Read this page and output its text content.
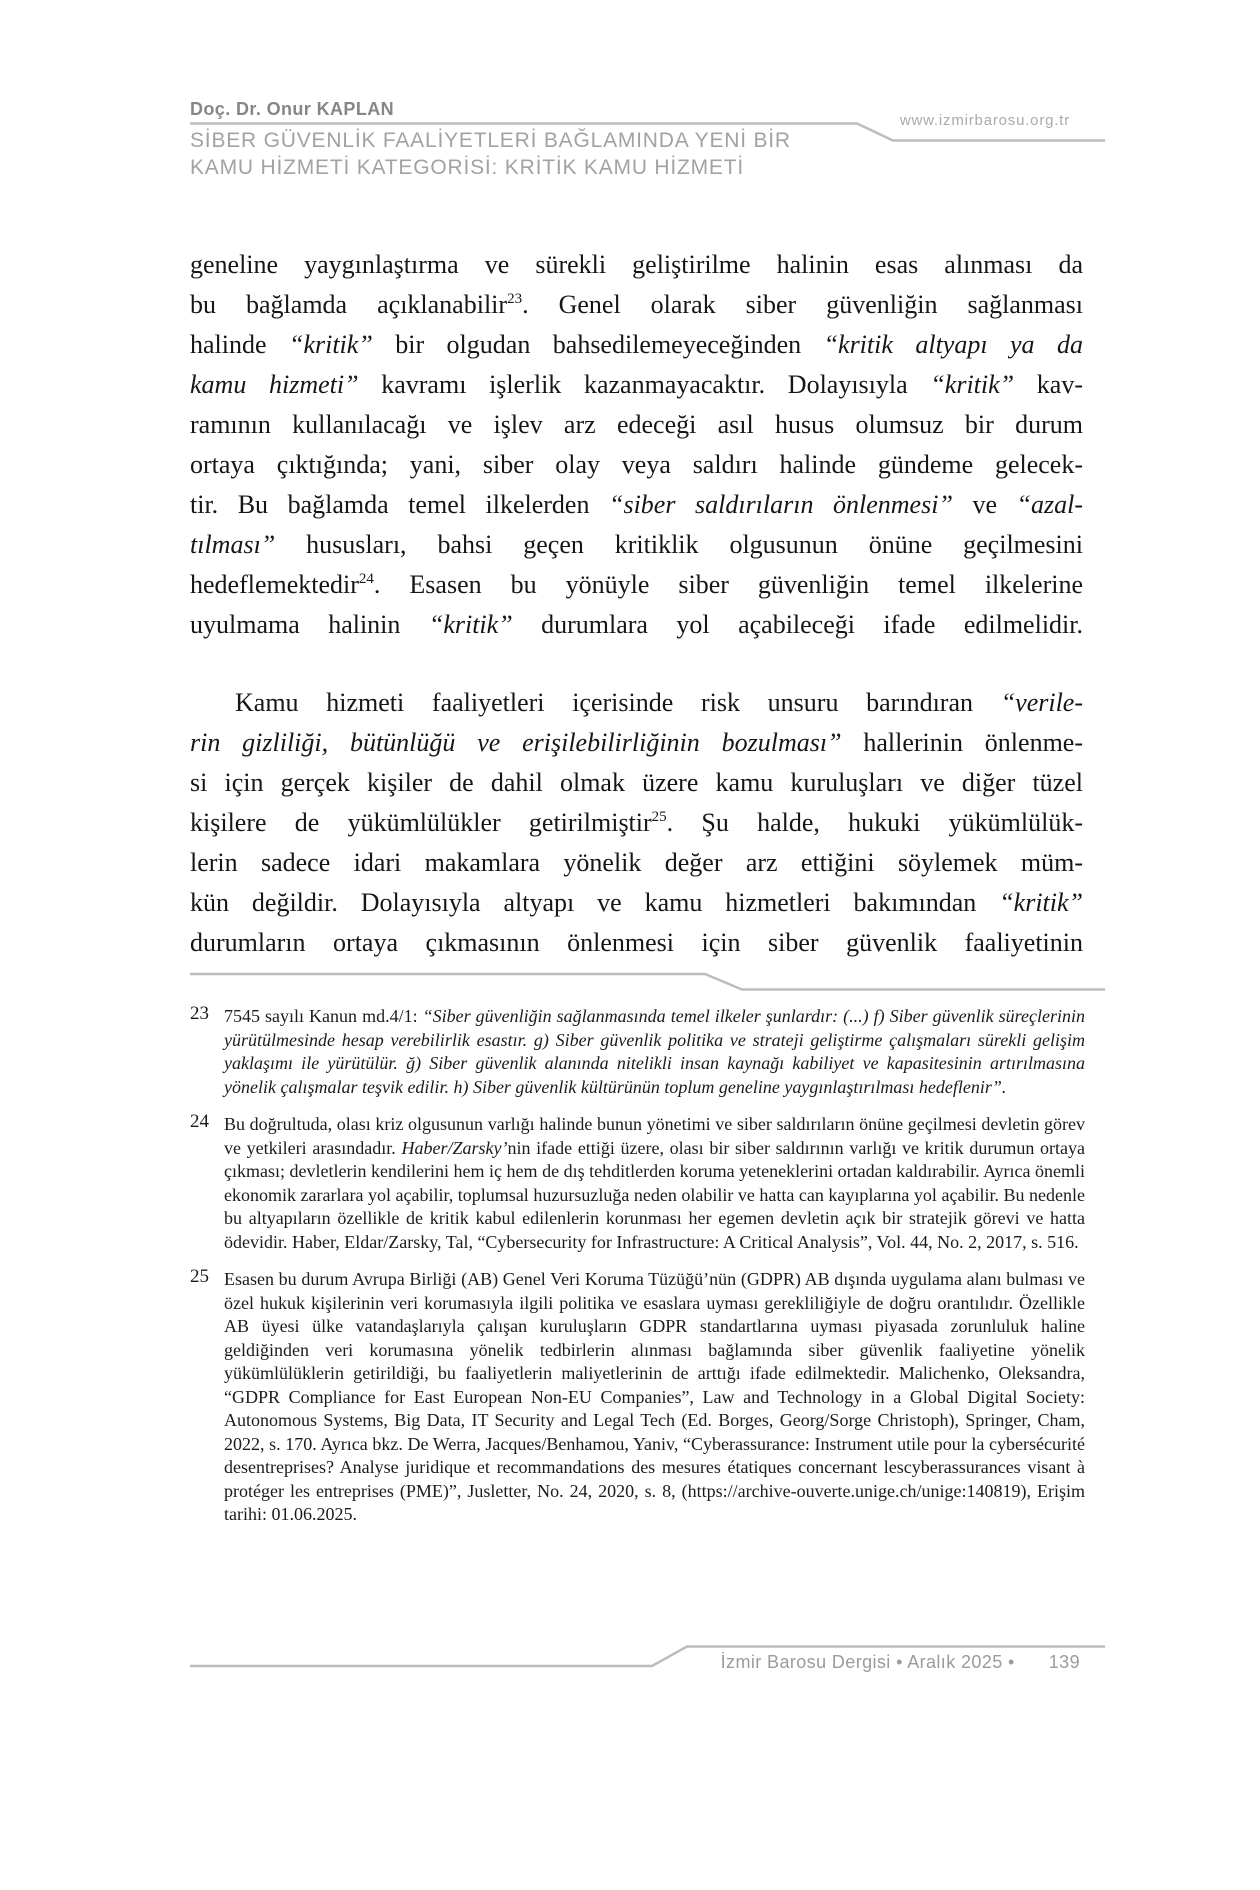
Doç. Dr. Onur KAPLAN
www.izmirbarosu.org.tr
SİBER GÜVENLİK FAALİYETLERİ BAĞLAMINDA YENİ BİR
KAMU HİZMETİ KATEGORİSİ: KRİTİK KAMU HİZMETİ
geneline yaygınlaştırma ve sürekli geliştirilme halinin esas alınması da
bu bağlamda açıklanabilir$^{23}$. Genel olarak siber güvenliğin sağlanması
halinde “kritik” bir olgudan bahsedilemeyeceğinden “kritik altyapı ya da
kamu hizmeti” kavramı işlerlik kazanmayacaktır. Dolayısıyla “kritik” kav-
ramının kullanılacağı ve işlev arz edeceği asıl husus olumsuz bir durum
ortaya çıktığında; yani, siber olay veya saldırı halinde gündeme gelecek-
tir. Bu bağlamda temel ilkelerden “siber saldırıların önlenmesi” ve “azal-
tılması” hususları, bahsi geçen kritiklik olgusunun önüne geçilmesini
hedeflemektedir$^{24}$. Esasen bu yönüyle siber güvenliğin temel ilkelerine
uyulmama halinin “kritik” durumlara yol açabileceği ifade edilmelidir.
Kamu hizmeti faaliyetleri içerisinde risk unsuru barındıran “verile-
rin gizliliği, bütünlüğü ve erişilebilirliğinin bozulması” hallerinin önlenme-
si için gerçek kişiler de dahil olmak üzere kamu kuruluşları ve diğer tüzel
kişilere de yükümlülükler getirilmiştir$^{25}$. Şu halde, hukuki yükümlülük-
lerin sadece idari makamlara yönelik değer arz ettiğini söylemek müm-
kün değildir. Dolayısıyla altyapı ve kamu hizmetleri bakımından “kritik”
durumların ortaya çıkmasının önlenmesi için siber güvenlik faaliyetinin
23 7545 sayılı Kanun md.4/1: “Siber güvenliğin sağlanmasında temel ilkeler şunlardır: (...) f) Siber güvenlik süreçlerinin yürütülmesinde hesap verebilirlik esastır. g) Siber güvenlik politika ve strateji geliştirme çalışmaları sürekli gelişim yaklaşımı ile yürütülür. ğ) Siber güvenlik alanında nitelikli insan kaynağı kabiliyet ve kapasitesinin artırılmasına yönelik çalışmalar teşvik edilir. h) Siber güvenlik kültürünün toplum geneline yaygınlaştırılması hedeflenir”.
24 Bu doğrultuda, olası kriz olgusunun varlığı halinde bunun yönetimi ve siber saldırıların önüne geçilmesi devletin görev ve yetkileri arasındadır. Haber/Zarsky’nin ifade ettiği üzere, olası bir siber saldırının varlığı ve kritik durumun ortaya çıkması; devletlerin kendilerini hem iç hem de dış tehditlerden koruma yeteneklerini ortadan kaldırabilir. Ayrıca önemli ekonomik zararlara yol açabilir, toplumsal huzursuzluğa neden olabilir ve hatta can kayıplarına yol açabilir. Bu nedenle bu altyapıların özellikle de kritik kabul edilenlerin korunması her egemen devletin açık bir stratejik görevi ve hatta ödevidir. Haber, Eldar/Zarsky, Tal, “Cybersecurity for Infrastructure: A Critical Analysis”, Vol. 44, No. 2, 2017, s. 516.
25 Esasen bu durum Avrupa Birliği (AB) Genel Veri Koruma Tüzüğü’nün (GDPR) AB dışında uygulama alanı bulması ve özel hukuk kişilerinin veri korumasıyla ilgili politika ve esaslara uyması gerekliliğiyle de doğru orantılıdır. Özellikle AB üyesi ülke vatandaşlarıyla çalışan kuruluşların GDPR standartlarına uyması piyasada zorunluluk haline geldiğinden veri korumasına yönelik tedbirlerin alınması bağlamında siber güvenlik faaliyetine yönelik yükümlülüklerin getirildiği, bu faaliyetlerin maliyetlerinin de arttığı ifade edilmektedir. Malichenko, Oleksandra, “GDPR Compliance for East European Non-EU Companies”, Law and Technology in a Global Digital Society: Autonomous Systems, Big Data, IT Security and Legal Tech (Ed. Borges, Georg/Sorge Christoph), Springer, Cham, 2022, s. 170. Ayrıca bkz. De Werra, Jacques/Benhamou, Yaniv, “Cyberassurance: Instrument utile pour la cybersécurité desentreprises? Analyse juridique et recommandations des mesures étatiques concernant lescyberassurances visant à protéger les entreprises (PME)”, Jusletter, No. 24, 2020, s. 8, (https://archive-ouverte.unige.ch/unige:140819), Erişim tarihi: 01.06.2025.
İzmir Barosu Dergisi • Aralık 2025 • 139
